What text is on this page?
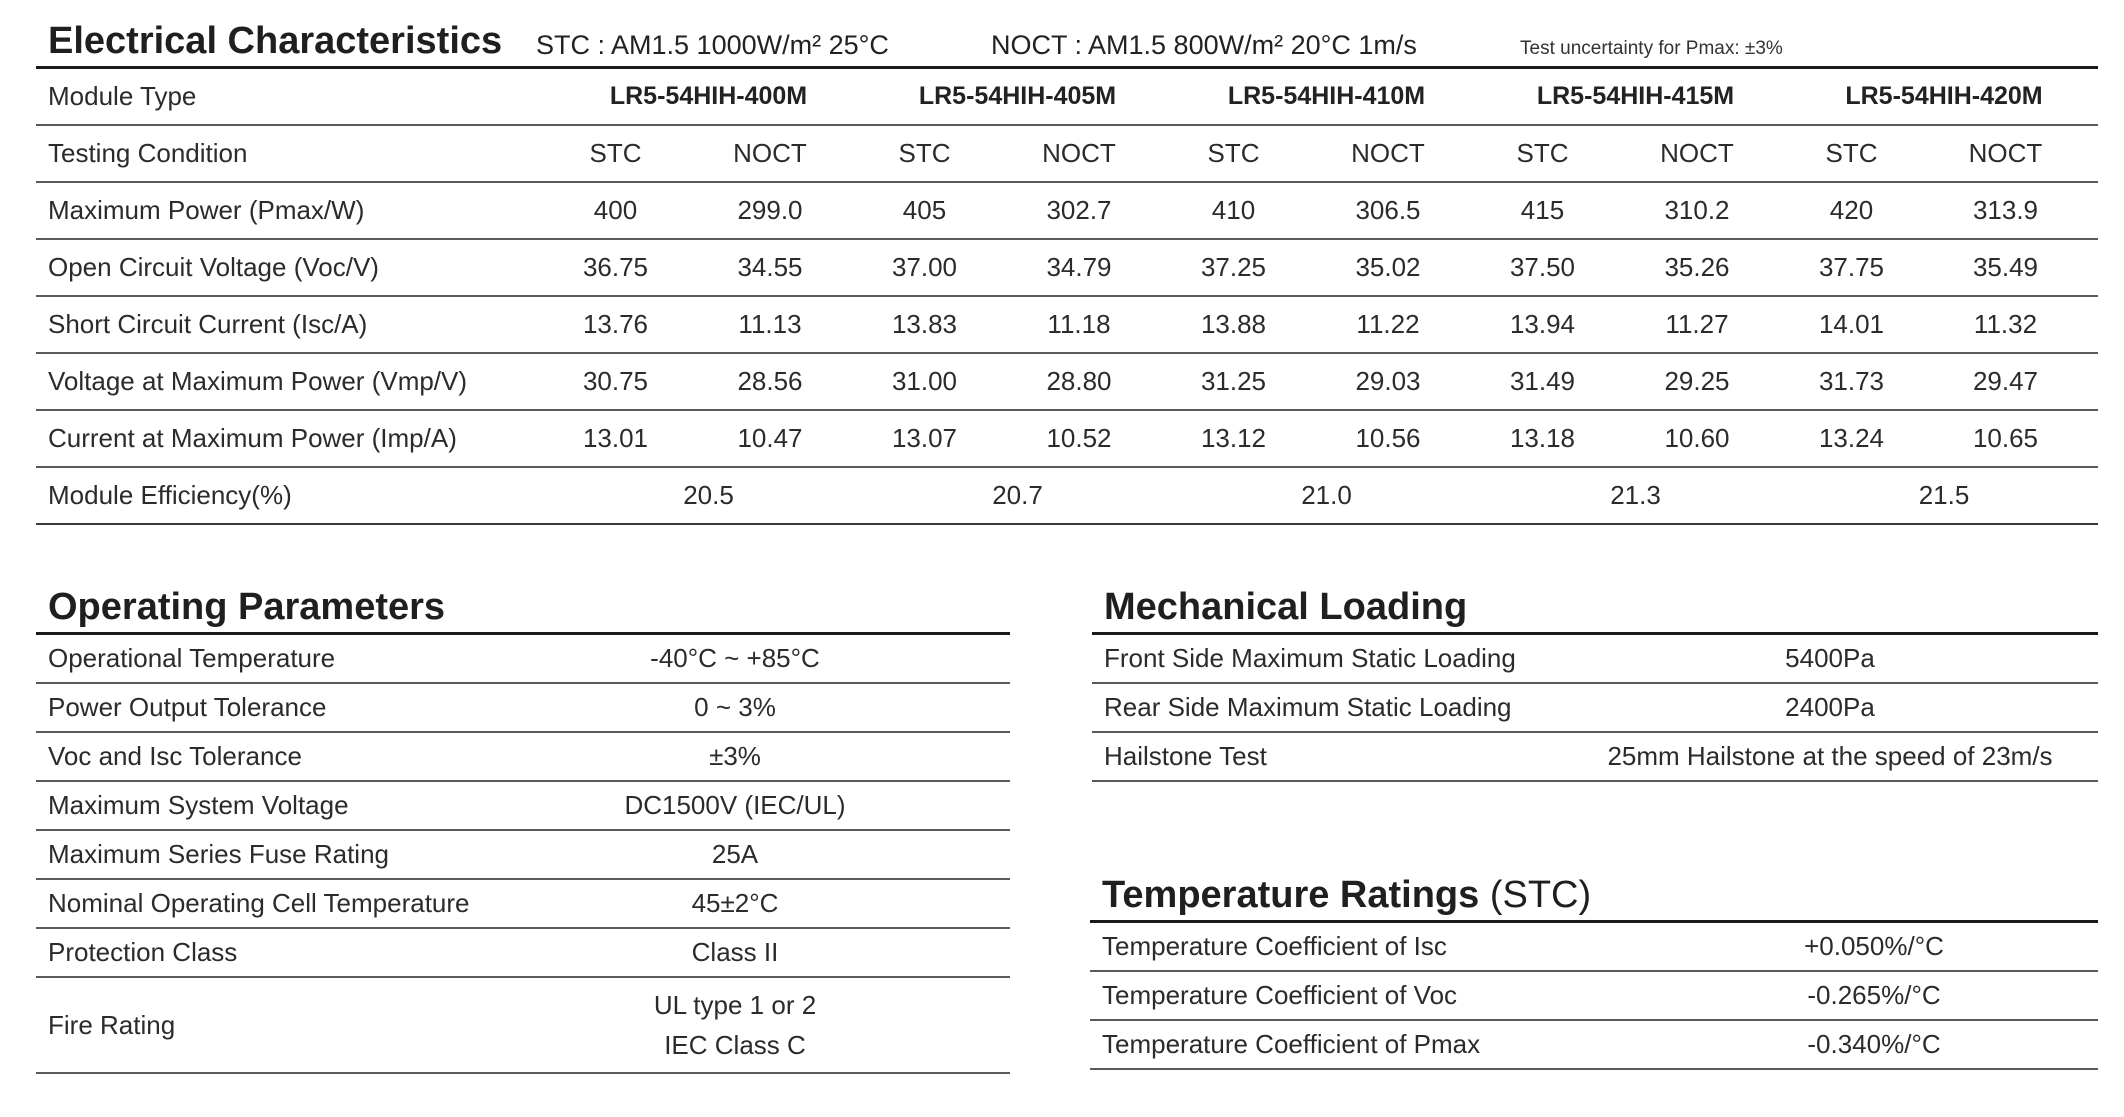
Electrical Characteristics STC : AM1.5 1000W/m² 25°C	NOCT : AM1.5 800W/m² 20°C 1m/s	Test uncertainty for Pmax: ±3%
Module Type	LR5-54HIH-400M		LR5-54HIH-405M		LR5-54HIH-410M		LR5-54HIH-415M		LR5-54HIH-420M	
Testing Condition	STC	NOCT	STC	NOCT	STC	NOCT	STC	NOCT	STC	NOCT
Maximum Power (Pmax/W)	400	299.0	405	302.7	410	306.5	415	310.2	420	313.9
Open Circuit Voltage (Voc/V)	36.75	34.55	37.00	34.79	37.25	35.02	37.50	35.26	37.75	35.49
Short Circuit Current (Isc/A)	13.76	11.13	13.83	11.18	13.88	11.22	13.94	11.27	14.01	11.32
Voltage at Maximum Power (Vmp/V)	30.75	28.56	31.00	28.80	31.25	29.03	31.49	29.25	31.73	29.47
Current at Maximum Power (Imp/A)	13.01	10.47	13.07	10.52	13.12	10.56	13.18	10.60	13.24	10.65
Module Efficiency(%)	20.5		20.7		21.0		21.3		21.5	
Operating Parameters
Operational Temperature	-40°C ~ +85°C
Power Output Tolerance	0 ~ 3%
Voc and Isc Tolerance	±3%
Maximum System Voltage	DC1500V (IEC/UL)
Maximum Series Fuse Rating	25A
Nominal Operating Cell Temperature	45±2°C
Protection Class	Class II
Fire Rating	UL type 1 or 2
IEC Class C
Mechanical Loading
Front Side Maximum Static Loading	5400Pa
Rear Side Maximum Static Loading	2400Pa
Hailstone Test	25mm Hailstone at the speed of 23m/s
Temperature Ratings (STC)
Temperature Coefficient of Isc	+0.050%/°C
Temperature Coefficient of Voc	-0.265%/°C
Temperature Coefficient of Pmax	-0.340%/°C
